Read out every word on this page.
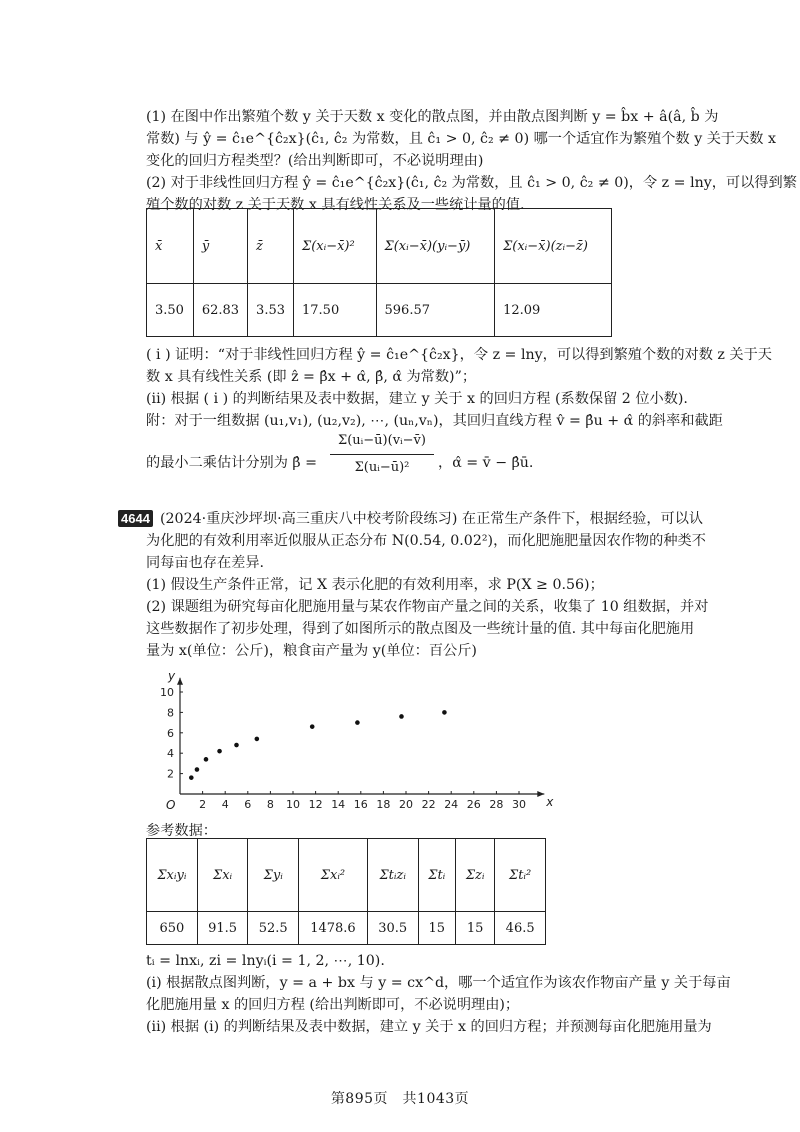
(1) 在图中作出繁殖个数 y 关于天数 x 变化的散点图，并由散点图判断 y = b̂x + â(â, b̂ 为
常数) 与 ŷ = ĉ₁e^{ĉ₂x}(ĉ₁, ĉ₂ 为常数，且 ĉ₁ > 0, ĉ₂ ≠ 0) 哪一个适宜作为繁殖个数 y 关于天数 x
变化的回归方程类型？(给出判断即可，不必说明理由)
(2) 对于非线性回归方程 ŷ = ĉ₁e^{ĉ₂x}(ĉ₁, ĉ₂ 为常数，且 ĉ₁ > 0, ĉ₂ ≠ 0)，令 z = lny，可以得到繁
殖个数的对数 z 关于天数 x 具有线性关系及一些统计量的值.
x̄	ȳ	z̄	Σ(xᵢ−x̄)²	Σ(xᵢ−x̄)(yᵢ−ȳ)	Σ(xᵢ−x̄)(zᵢ−z̄)

3.50	62.83	3.53	17.50	596.57	12.09
( i ) 证明：“对于非线性回归方程 ŷ = ĉ₁e^{ĉ₂x}，令 z = lny，可以得到繁殖个数的对数 z 关于天
数 x 具有线性关系 (即 ẑ = β̂x + α̂, β̂, α̂ 为常数)”；
(ii) 根据 ( i ) 的判断结果及表中数据，建立 y 关于 x 的回归方程 (系数保留 2 位小数).
附：对于一组数据 (u₁,v₁), (u₂,v₂), ⋯, (uₙ,vₙ)，其回归直线方程 v̂ = β̂u + α̂ 的斜率和截距
的最小二乘估计分别为 β̂ =
Σ(uᵢ−ū)(vᵢ−v̄)
Σ(uᵢ−ū)²	，α̂ = v̄ − β̂ū.
4644 (2024·重庆沙坪坝·高三重庆八中校考阶段练习) 在正常生产条件下，根据经验，可以认
为化肥的有效利用率近似服从正态分布 N(0.54, 0.02²)，而化肥施肥量因农作物的种类不
同每亩也存在差异.
(1) 假设生产条件正常，记 X 表示化肥的有效利用率，求 P(X ≥ 0.56)；
(2) 课题组为研究每亩化肥施用量与某农作物亩产量之间的关系，收集了 10 组数据，并对
这些数据作了初步处理，得到了如图所示的散点图及一些统计量的值. 其中每亩化肥施用
量为 x(单位：公斤)，粮食亩产量为 y(单位：百公斤)
2 4 6 8 10 12 14 16 18 20 22 24 26 28 30
2
4
6
8
10
O	x
y
参考数据：
Σxᵢyᵢ	Σxᵢ	Σyᵢ	Σxᵢ²	Σtᵢzᵢ	Σtᵢ	Σzᵢ	Σtᵢ²

650	91.5	52.5	1478.6	30.5	15	15	46.5
tᵢ = lnxᵢ, zi = lnyᵢ(i = 1, 2, ⋯, 10).
(i) 根据散点图判断，y = a + bx 与 y = cx^d，哪一个适宜作为该农作物亩产量 y 关于每亩
化肥施用量 x 的回归方程 (给出判断即可，不必说明理由)；
(ii) 根据 (i) 的判断结果及表中数据，建立 y 关于 x 的回归方程；并预测每亩化肥施用量为
第895页　共1043页
